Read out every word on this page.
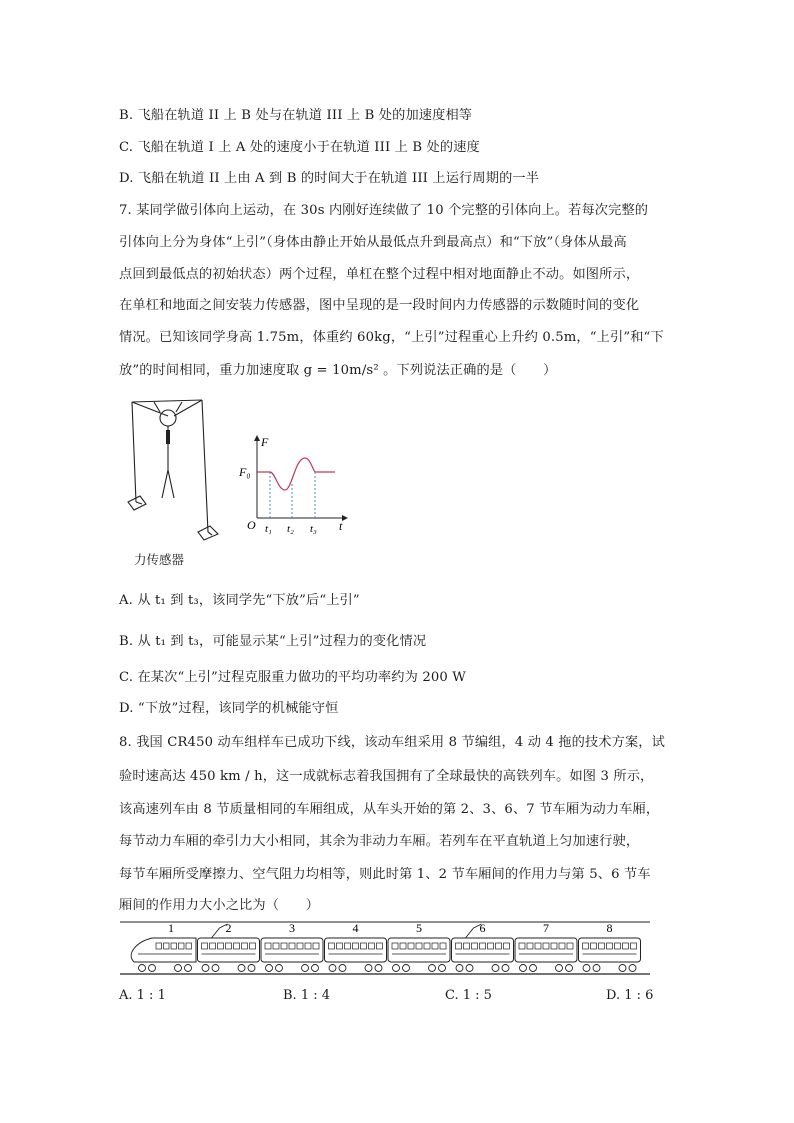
B. 飞船在轨道 II 上 B 处与在轨道 III 上 B 处的加速度相等
C. 飞船在轨道 I 上 A 处的速度小于在轨道 III 上 B 处的速度
D. 飞船在轨道 II 上由 A 到 B 的时间大于在轨道 III 上运行周期的一半
7. 某同学做引体向上运动，在 30s 内刚好连续做了 10 个完整的引体向上。若每次完整的
引体向上分为身体“上引”（身体由静止开始从最低点升到最高点）和“下放”（身体从最高
点回到最低点的初始状态）两个过程，单杠在整个过程中相对地面静止不动。如图所示，
在单杠和地面之间安装力传感器，图中呈现的是一段时间内力传感器的示数随时间的变化
情况。已知该同学身高 1.75m，体重约 60kg，“上引”过程重心上升约 0.5m，“上引”和“下
放”的时间相同，重力加速度取 g = 10m/s² 。下列说法正确的是（　　）
力传感器
F
t
O
F₀
t₁ t₂ t₃
A. 从 t₁ 到 t₃，该同学先“下放”后“上引”
B. 从 t₁ 到 t₃，可能显示某“上引”过程力的变化情况
C. 在某次“上引”过程克服重力做功的平均功率约为 200 W
D. “下放”过程，该同学的机械能守恒
8. 我国 CR450 动车组样车已成功下线，该动车组采用 8 节编组，4 动 4 拖的技术方案，试
验时速高达 450 km / h，这一成就标志着我国拥有了全球最快的高铁列车。如图 3 所示，
该高速列车由 8 节质量相同的车厢组成，从车头开始的第 2、3、6、7 节车厢为动力车厢，
每节动力车厢的牵引力大小相同，其余为非动力车厢。若列车在平直轨道上匀加速行驶，
每节车厢所受摩擦力、空气阻力均相等，则此时第 1、2 节车厢间的作用力与第 5、6 节车
厢间的作用力大小之比为（　　）
1	2	3	4	5	6	7	8
A. 1 : 1	B. 1 : 4	C. 1 : 5	D. 1 : 6
